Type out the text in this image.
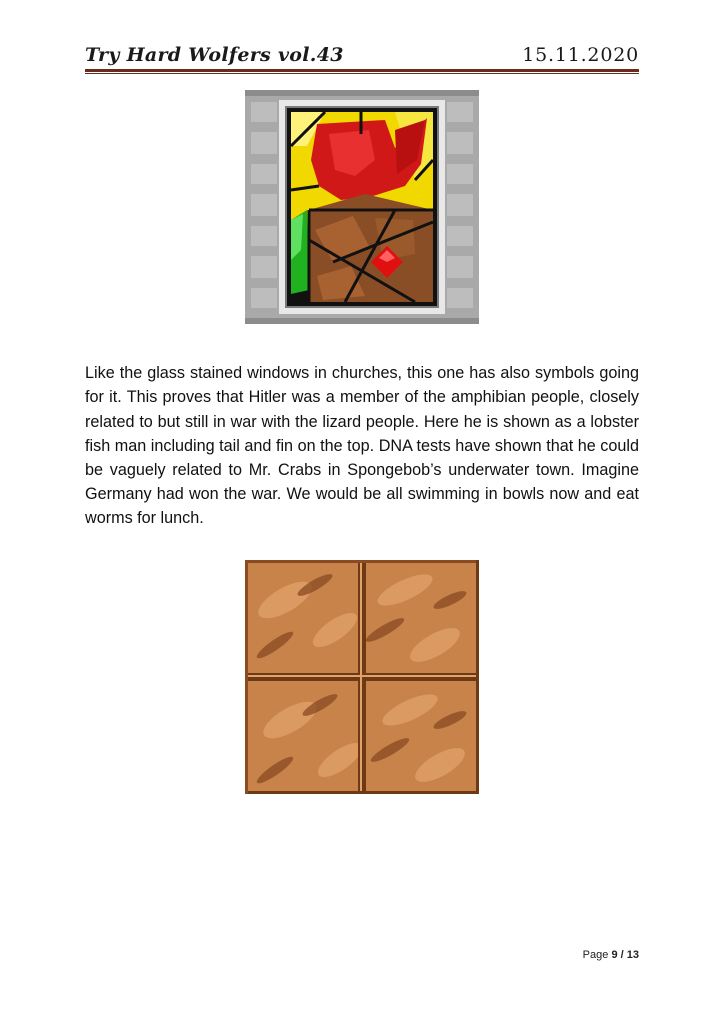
Try Hard Wolfers vol.43	15.11.2020

Like the glass stained windows in churches, this one has also symbols going for it. This proves that Hitler was a member of the amphibian people, closely related to but still in war with the lizard people. Here he is shown as a lobster fish man including tail and fin on the top. DNA tests have shown that he could be vaguely related to Mr. Crabs in Spongebob’s underwater town. Imagine Germany had won the war. We would be all swimming in bowls now and eat worms for lunch.

Page 9 / 13
